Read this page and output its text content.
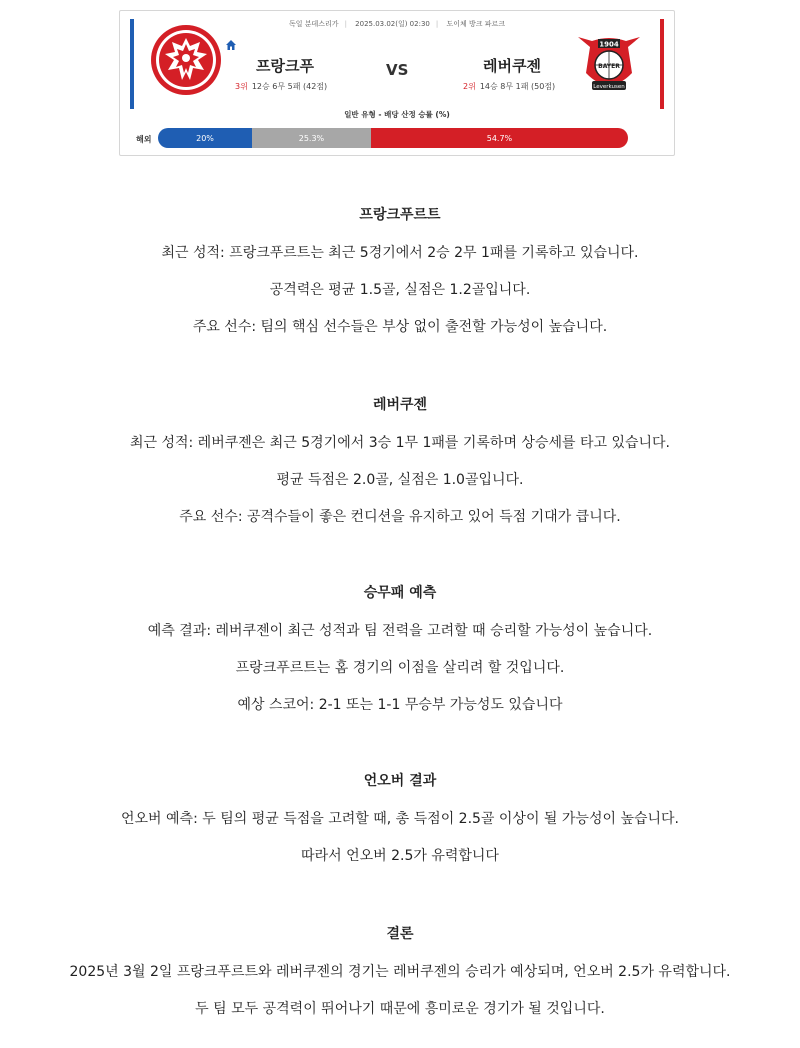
독일 분데스리가 | 2025.03.02(일) 02:30 | 도이체 방크 파르크
프랑크푸	VS	레버쿠젠
3위 12승 6무 5패 (42점)	2위 14승 8무 1패 (50점)
1904
BAYER
Leverkusen
일반 유형 - 배당 산정 승률 (%)
해외	20%	25.3%	54.7%
프랑크푸르트

최근 성적: 프랑크푸르트는 최근 5경기에서 2승 2무 1패를 기록하고 있습니다.

공격력은 평균 1.5골, 실점은 1.2골입니다.

주요 선수: 팀의 핵심 선수들은 부상 없이 출전할 가능성이 높습니다.

레버쿠젠

최근 성적: 레버쿠젠은 최근 5경기에서 3승 1무 1패를 기록하며 상승세를 타고 있습니다.

평균 득점은 2.0골, 실점은 1.0골입니다.

주요 선수: 공격수들이 좋은 컨디션을 유지하고 있어 득점 기대가 큽니다.

승무패 예측

예측 결과: 레버쿠젠이 최근 성적과 팀 전력을 고려할 때 승리할 가능성이 높습니다.

프랑크푸르트는 홈 경기의 이점을 살리려 할 것입니다.

예상 스코어: 2-1 또는 1-1 무승부 가능성도 있습니다

언오버 결과

언오버 예측: 두 팀의 평균 득점을 고려할 때, 총 득점이 2.5골 이상이 될 가능성이 높습니다.

따라서 언오버 2.5가 유력합니다

결론

2025년 3월 2일 프랑크푸르트와 레버쿠젠의 경기는 레버쿠젠의 승리가 예상되며, 언오버 2.5가 유력합니다.

두 팀 모두 공격력이 뛰어나기 때문에 흥미로운 경기가 될 것입니다.
